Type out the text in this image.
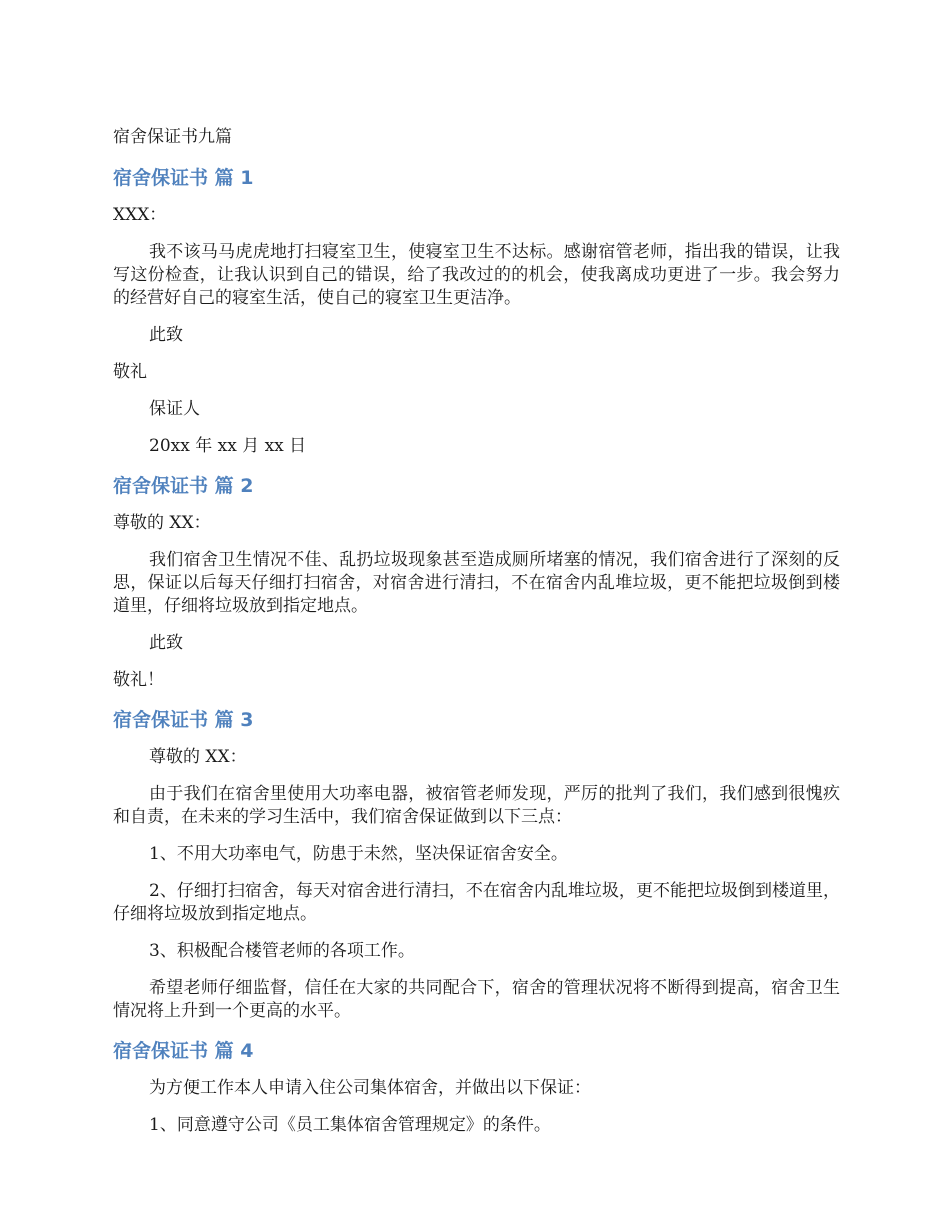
宿舍保证书九篇

宿舍保证书 篇 1

XXX：

我不该马马虎虎地打扫寝室卫生，使寝室卫生不达标。感谢宿管老师，指出我的错误，让我写这份检查，让我认识到自己的错误，给了我改过的的机会，使我离成功更进了一步。我会努力的经营好自己的寝室生活，使自己的寝室卫生更洁净。

此致

敬礼

保证人

20xx 年 xx 月 xx 日

宿舍保证书 篇 2

尊敬的 XX：

我们宿舍卫生情况不佳、乱扔垃圾现象甚至造成厕所堵塞的情况，我们宿舍进行了深刻的反思，保证以后每天仔细打扫宿舍，对宿舍进行清扫，不在宿舍内乱堆垃圾，更不能把垃圾倒到楼道里，仔细将垃圾放到指定地点。

此致

敬礼！

宿舍保证书 篇 3

尊敬的 XX：

由于我们在宿舍里使用大功率电器，被宿管老师发现，严厉的批判了我们，我们感到很愧疚和自责，在未来的学习生活中，我们宿舍保证做到以下三点：

1、不用大功率电气，防患于未然，坚决保证宿舍安全。

2、仔细打扫宿舍，每天对宿舍进行清扫，不在宿舍内乱堆垃圾，更不能把垃圾倒到楼道里，仔细将垃圾放到指定地点。

3、积极配合楼管老师的各项工作。

希望老师仔细监督，信任在大家的共同配合下，宿舍的管理状况将不断得到提高，宿舍卫生情况将上升到一个更高的水平。

宿舍保证书 篇 4

为方便工作本人申请入住公司集体宿舍，并做出以下保证：

1、同意遵守公司《员工集体宿舍管理规定》的条件。
